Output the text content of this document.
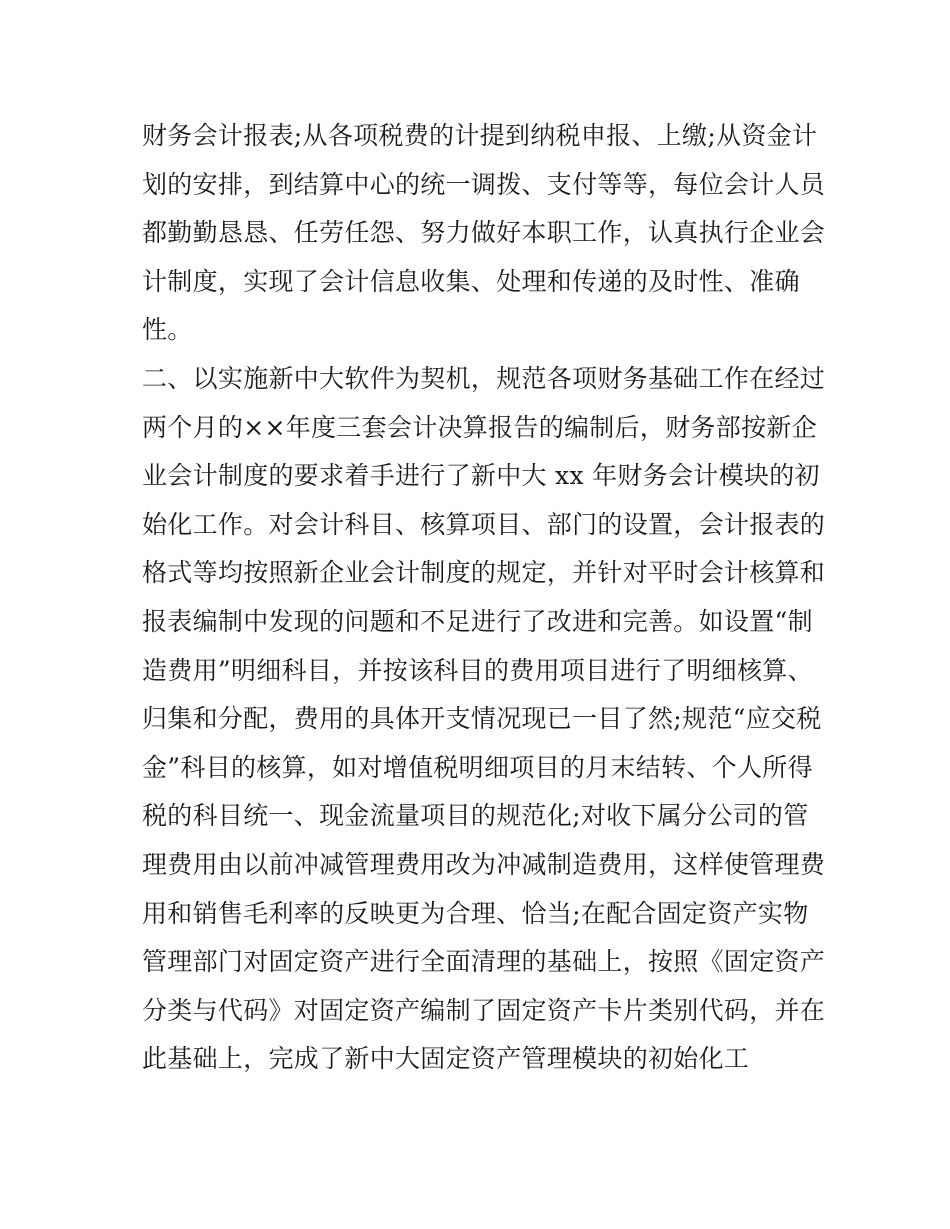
财务会计报表;从各项税费的计提到纳税申报、上缴;从资金计
划的安排，到结算中心的统一调拨、支付等等，每位会计人员
都勤勤恳恳、任劳任怨、努力做好本职工作，认真执行企业会
计制度，实现了会计信息收集、处理和传递的及时性、准确
性。
二、以实施新中大软件为契机，规范各项财务基础工作在经过
两个月的××年度三套会计决算报告的编制后，财务部按新企
业会计制度的要求着手进行了新中大 xx 年财务会计模块的初
始化工作。对会计科目、核算项目、部门的设置，会计报表的
格式等均按照新企业会计制度的规定，并针对平时会计核算和
报表编制中发现的问题和不足进行了改进和完善。如设置“制
造费用”明细科目，并按该科目的费用项目进行了明细核算、
归集和分配，费用的具体开支情况现已一目了然;规范“应交税
金”科目的核算，如对增值税明细项目的月末结转、个人所得
税的科目统一、现金流量项目的规范化;对收下属分公司的管
理费用由以前冲减管理费用改为冲减制造费用，这样使管理费
用和销售毛利率的反映更为合理、恰当;在配合固定资产实物
管理部门对固定资产进行全面清理的基础上，按照《固定资产
分类与代码》对固定资产编制了固定资产卡片类别代码，并在
此基础上，完成了新中大固定资产管理模块的初始化工
